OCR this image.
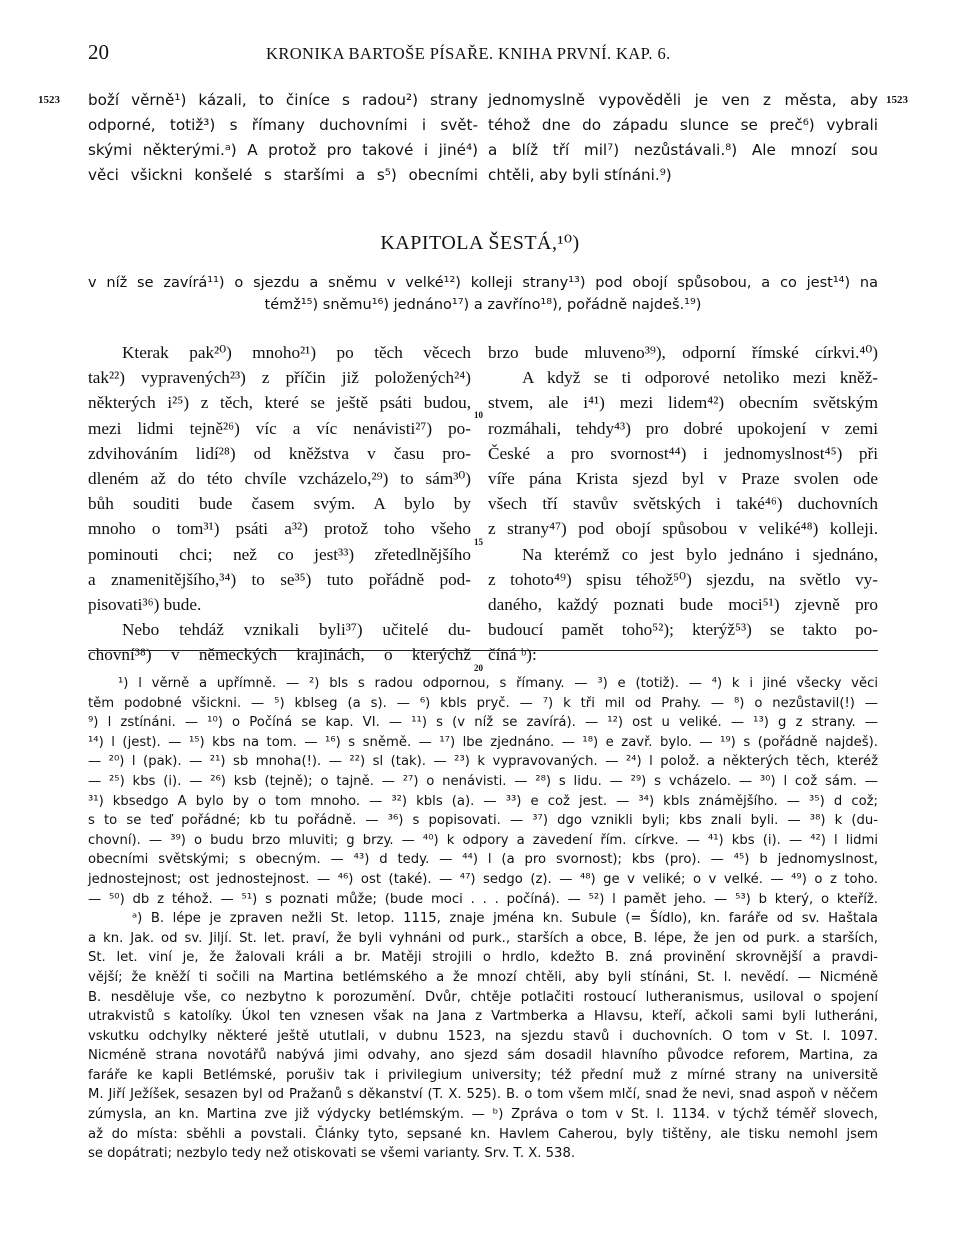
20	KRONIKA BARTOŠE PÍSAŘE. KNIHA PRVNÍ. KAP. 6.
1523	1523
boží věrně¹) kázali, to činíce s radou²) strany
odporné, totiž³) s římany duchovními i svět-
skými některými.ᵃ) A protož pro takové i jiné⁴)
věci všickni konšelé s staršími a s⁵) obecními
jednomyslně vypověděli je ven z města, aby
téhož dne do západu slunce se preč⁶) vybrali
a blíž tří mil⁷) nezůstávali.⁸) Ale mnozí sou
chtěli, aby byli stínáni.⁹)
KAPITOLA ŠESTÁ,¹⁰)
v níž se zavírá¹¹) o sjezdu a sněmu v velké¹²) kolleji strany¹³) pod obojí spůsobou, a co jest¹⁴) na
témž¹⁵) sněmu¹⁶) jednáno¹⁷) a zavříno¹⁸), pořádně najdeš.¹⁹)
Kterak pak²⁰) mnoho²¹) po těch věcech
tak²²) vypravených²³) z příčin již položených²⁴)
některých i²⁵) z těch, které se ještě psáti budou,
mezi lidmi tejně²⁶) víc a víc nenávisti²⁷) po-
zdvihováním lidí²⁸) od kněžstva v času pro-
dleném až do této chvíle vzcházelo,²⁹) to sám³⁰)
bůh souditi bude časem svým. A bylo by
mnoho o tom³¹) psáti a³²) protož toho všeho
pominouti chci; než co jest³³) zřetedlnějšího
a znamenitějšího,³⁴) to se³⁵) tuto pořádně pod-
pisovati³⁶) bude.
Nebo tehdáž vznikali byli³⁷) učitelé du-
chovní³⁸) v německých krajinách, o kterýchž
10
15
20
brzo bude mluveno³⁹), odporní římské církvi.⁴⁰)
A když se ti odporové netoliko mezi kněž-
stvem, ale i⁴¹) mezi lidem⁴²) obecním světským
rozmáhali, tehdy⁴³) pro dobré upokojení v zemi
České a pro svornost⁴⁴) i jednomyslnost⁴⁵) při
víře pána Krista sjezd byl v Praze svolen ode
všech tří stavův světských i také⁴⁶) duchovních
z strany⁴⁷) pod obojí spůsobou v veliké⁴⁸) kolleji.
Na kterémž co jest bylo jednáno i sjednáno,
z tohoto⁴⁹) spisu téhož⁵⁰) sjezdu, na světlo vy-
daného, každý poznati bude moci⁵¹) zjevně pro
budoucí pamět toho⁵²); kterýž⁵³) se takto po-
číná ᵇ):
¹) l věrně a upřímně. — ²) bls s radou odpornou, s římany. — ³) e (totiž). — ⁴) k i jiné všecky věci
těm podobné všickni. — ⁵) kblseg (a s). — ⁶) kbls pryč. — ⁷) k tři mil od Prahy. — ⁸) o nezůstavil(!) —
⁹) l zstínáni. — ¹⁰) o Počíná se kap. VI. — ¹¹) s (v níž se zavírá). — ¹²) ost u veliké. — ¹³) g z strany. —
¹⁴) l (jest). — ¹⁵) kbs na tom. — ¹⁶) s sněmě. — ¹⁷) lbe zjednáno. — ¹⁸) e zavř. bylo. — ¹⁹) s (pořádně najdeš).
— ²⁰) l (pak). — ²¹) sb mnoha(!). — ²²) sl (tak). — ²³) k vypravovaných. — ²⁴) l polož. a některých těch, kteréž
— ²⁵) kbs (i). — ²⁶) ksb (tejně); o tajně. — ²⁷) o nenávisti. — ²⁸) s lidu. — ²⁹) s vcházelo. — ³⁰) l což sám. —
³¹) kbsedgo A bylo by o tom mnoho. — ³²) kbls (a). — ³³) e což jest. — ³⁴) kbls známějšího. — ³⁵) d což;
s to se teď pořádné; kb tu pořádně. — ³⁶) s popisovati. — ³⁷) dgo vznikli byli; kbs znali byli. — ³⁸) k (du-
chovní). — ³⁹) o budu brzo mluviti; g brzy. — ⁴⁰) k odpory a zavedení řím. církve. — ⁴¹) kbs (i). — ⁴²) l lidmi
obecními světskými; s obecným. — ⁴³) d tedy. — ⁴⁴) l (a pro svornost); kbs (pro). — ⁴⁵) b jednomyslnost,
jednostejnost; ost jednostejnost. — ⁴⁶) ost (také). — ⁴⁷) sedgo (z). — ⁴⁸) ge v veliké; o v velké. — ⁴⁹) o z toho.
— ⁵⁰) db z téhož. — ⁵¹) s poznati může; (bude moci . . . počíná). — ⁵²) l pamět jeho. — ⁵³) b který, o kteříž.
ᵃ) B. lépe je zpraven nežli St. letop. 1115, znaje jména kn. Subule (= Šídlo), kn. faráře od sv. Haštala
a kn. Jak. od sv. Jiljí. St. let. praví, že byli vyhnáni od purk., starších a obce, B. lépe, že jen od purk. a starších,
St. let. viní je, že žalovali králi a br. Matěji strojili o hrdlo, kdežto B. zná provinění skrovnější a pravdi-
vější; že kněží ti sočili na Martina betlémského a že mnozí chtěli, aby byli stínáni, St. l. nevědí. — Nicméně
B. nesděluje vše, co nezbytno k porozumění. Dvůr, chtěje potlačiti rostoucí lutheranismus, usiloval o spojení
utrakvistů s katolíky. Úkol ten vznesen však na Jana z Vartmberka a Hlavsu, kteří, ačkoli sami byli lutheráni,
vskutku odchylky některé ještě ututlali, v dubnu 1523, na sjezdu stavů i duchovních. O tom v St. l. 1097.
Nicméně strana novotářů nabývá jimi odvahy, ano sjezd sám dosadil hlavního původce reforem, Martina, za
faráře ke kapli Betlémské, porušiv tak i privilegium university; též přední muž z mírné strany na universitě
M. Jiří Ježíšek, sesazen byl od Pražanů s děkanství (T. X. 525). B. o tom všem mlčí, snad že nevi, snad aspoň v něčem
zúmysla, an kn. Martina zve již výdycky betlémským. — ᵇ) Zpráva o tom v St. l. 1134. v týchž téměř slovech,
až do místa: sběhli a povstali. Články tyto, sepsané kn. Havlem Caherou, byly tištěny, ale tisku nemohl jsem
se dopátrati; nezbylo tedy než otiskovati se všemi varianty. Srv. T. X. 538.
